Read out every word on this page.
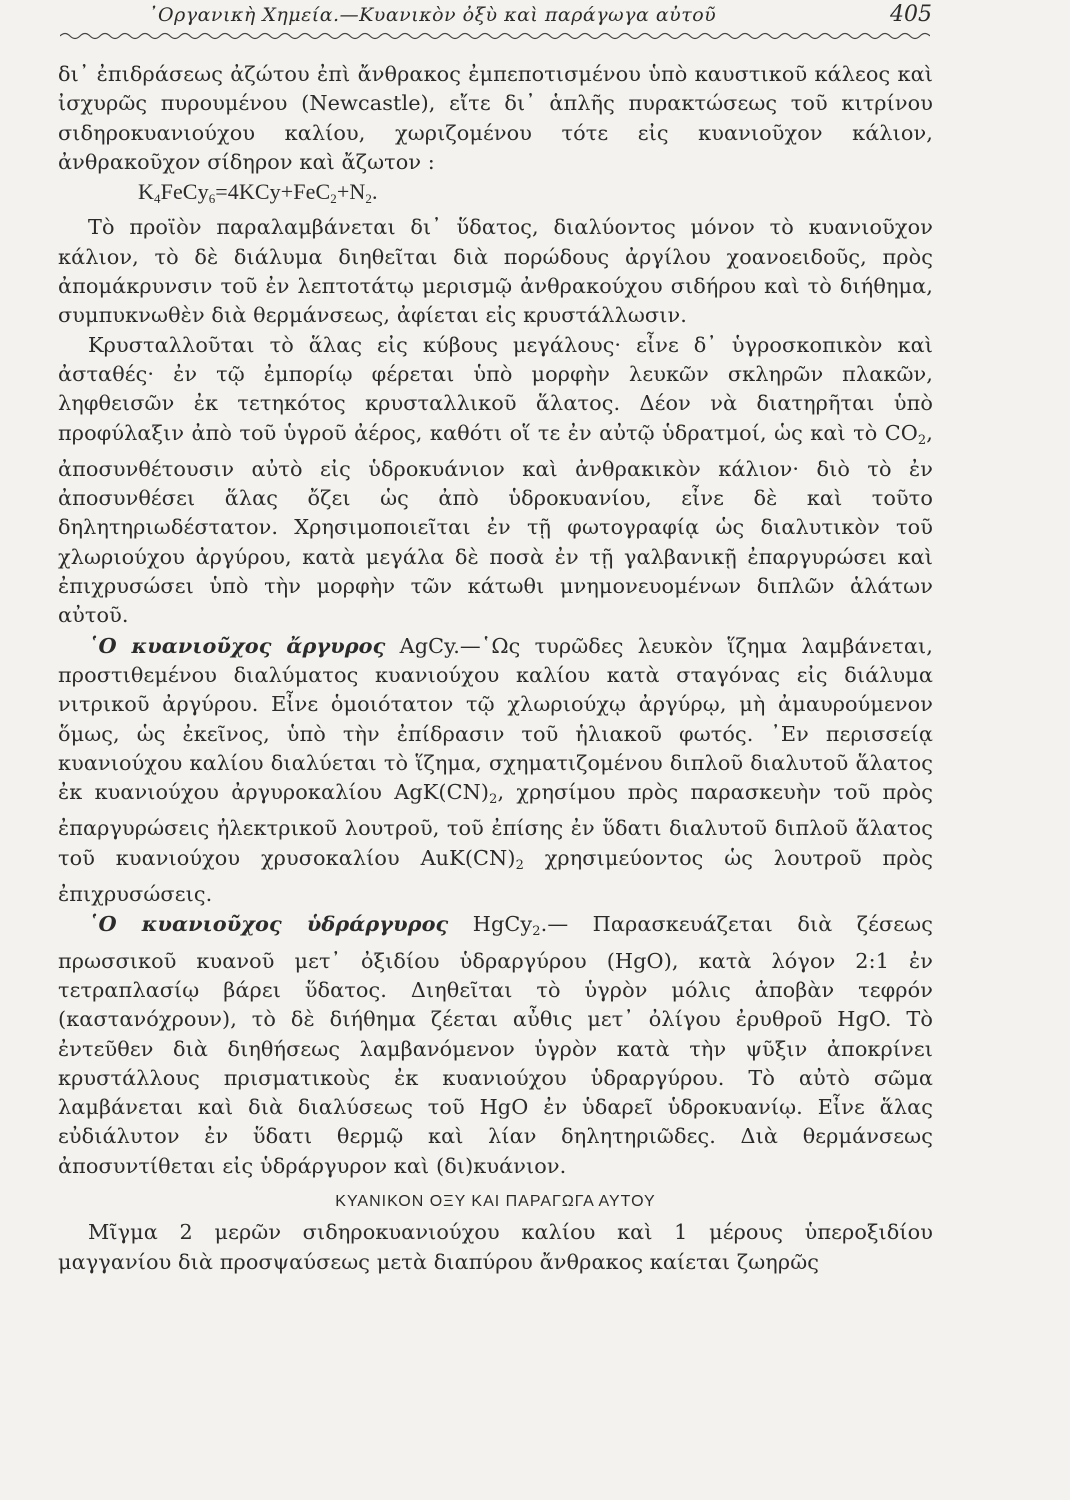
᾽Οργανικὴ Χημεία.—Κυανικὸν ὀξὺ καὶ παράγωγα αὐτοῦ	405

δι᾽ ἐπιδράσεως ἀζώτου ἐπὶ ἄνθρακος ἐμπεποτισμένου ὑπὸ καυστικοῦ κάλεος καὶ ἰσχυρῶς πυρουμένου (Newcastle), εἴτε δι᾽ ἁπλῆς πυρακτώσεως τοῦ κιτρίνου σιδηροκυανιούχου καλίου, χωριζομένου τότε εἰς κυανιοῦχον κάλιον, ἀνθρακοῦχον σίδηρον καὶ ἄζωτον :

$K_4FeCy_6=4KCy+FeC_2+N_2$.

Τὸ προϊὸν παραλαμβάνεται δι᾽ ὕδατος, διαλύοντος μόνον τὸ κυανιοῦχον κάλιον, τὸ δὲ διάλυμα διηθεῖται διὰ πορώδους ἀργίλου χοανοειδοῦς, πρὸς ἀπομάκρυνσιν τοῦ ἐν λεπτοτάτῳ μερισμῷ ἀνθρακούχου σιδήρου καὶ τὸ διήθημα, συμπυκνωθὲν διὰ θερμάνσεως, ἀφίεται εἰς κρυστάλλωσιν.

Κρυσταλλοῦται τὸ ἅλας εἰς κύβους μεγάλους· εἶνε δ᾽ ὑγροσκοπικὸν καὶ ἀσταθές· ἐν τῷ ἐμπορίῳ φέρεται ὑπὸ μορφὴν λευκῶν σκληρῶν πλακῶν, ληφθεισῶν ἐκ τετηκότος κρυσταλλικοῦ ἅλατος. Δέον νὰ διατηρῆται ὑπὸ προφύλαξιν ἀπὸ τοῦ ὑγροῦ ἀέρος, καθότι οἵ τε ἐν αὐτῷ ὑδρατμοί, ὡς καὶ τὸ $CO_2$, ἀποσυνθέτουσιν αὐτὸ εἰς ὑδροκυάνιον καὶ ἀνθρακικὸν κάλιον· διὸ τὸ ἐν ἀποσυνθέσει ἅλας ὄζει ὡς ἀπὸ ὑδροκυανίου, εἶνε δὲ καὶ τοῦτο δηλητηριωδέστατον. Χρησιμοποιεῖται ἐν τῇ φωτογραφίᾳ ὡς διαλυτικὸν τοῦ χλωριούχου ἀργύρου, κατὰ μεγάλα δὲ ποσὰ ἐν τῇ γαλβανικῇ ἐπαργυρώσει καὶ ἐπιχρυσώσει ὑπὸ τὴν μορφὴν τῶν κάτωθι μνημονευομένων διπλῶν ἁλάτων αὐτοῦ.

῾Ο κυανιοῦχος ἄργυρος AgCy.—῾Ως τυρῶδες λευκὸν ἵζημα λαμβάνεται, προστιθεμένου διαλύματος κυανιούχου καλίου κατὰ σταγόνας εἰς διάλυμα νιτρικοῦ ἀργύρου. Εἶνε ὁμοιότατον τῷ χλωριούχῳ ἀργύρῳ, μὴ ἀμαυρούμενον ὅμως, ὡς ἐκεῖνος, ὑπὸ τὴν ἐπίδρασιν τοῦ ἡλιακοῦ φωτός. ᾽Εν περισσείᾳ κυανιούχου καλίου διαλύεται τὸ ἵζημα, σχηματιζομένου διπλοῦ διαλυτοῦ ἅλατος ἐκ κυανιούχου ἀργυροκαλίου $AgK(CN)_2$, χρησίμου πρὸς παρασκευὴν τοῦ πρὸς ἐπαργυρώσεις ἠλεκτρικοῦ λουτροῦ, τοῦ ἐπίσης ἐν ὕδατι διαλυτοῦ διπλοῦ ἅλατος τοῦ κυανιούχου χρυσοκαλίου $AuK(CN)_2$ χρησιμεύοντος ὡς λουτροῦ πρὸς ἐπιχρυσώσεις.

῾Ο κυανιοῦχος ὑδράργυρος HgCy$_2$.— Παρασκευάζεται διὰ ζέσεως πρωσσικοῦ κυανοῦ μετ᾽ ὀξιδίου ὑδραργύρου (HgO), κατὰ λόγον 2:1 ἐν τετραπλασίῳ βάρει ὕδατος. Διηθεῖται τὸ ὑγρὸν μόλις ἀποβὰν τεφρόν (καστανόχρουν), τὸ δὲ διήθημα ζέεται αὖθις μετ᾽ ὀλίγου ἐρυθροῦ HgO. Τὸ ἐντεῦθεν διὰ διηθήσεως λαμβανόμενον ὑγρὸν κατὰ τὴν ψῦξιν ἀποκρίνει κρυστάλλους πρισματικοὺς ἐκ κυανιούχου ὑδραργύρου. Τὸ αὐτὸ σῶμα λαμβάνεται καὶ διὰ διαλύσεως τοῦ HgO ἐν ὑδαρεῖ ὑδροκυανίῳ. Εἶνε ἅλας εὐδιάλυτον ἐν ὕδατι θερμῷ καὶ λίαν δηλητηριῶδες. Διὰ θερμάνσεως ἀποσυντίθεται εἰς ὑδράργυρον καὶ (δι)κυάνιον.

ΚΥΑΝΙΚΟΝ ΟΞΥ ΚΑΙ ΠΑΡΑΓΩΓΑ ΑΥΤΟΥ

Μῖγμα 2 μερῶν σιδηροκυανιούχου καλίου καὶ 1 μέρους ὑπεροξιδίου μαγγανίου διὰ προσψαύσεως μετὰ διαπύρου ἄνθρακος καίεται ζωηρῶς
